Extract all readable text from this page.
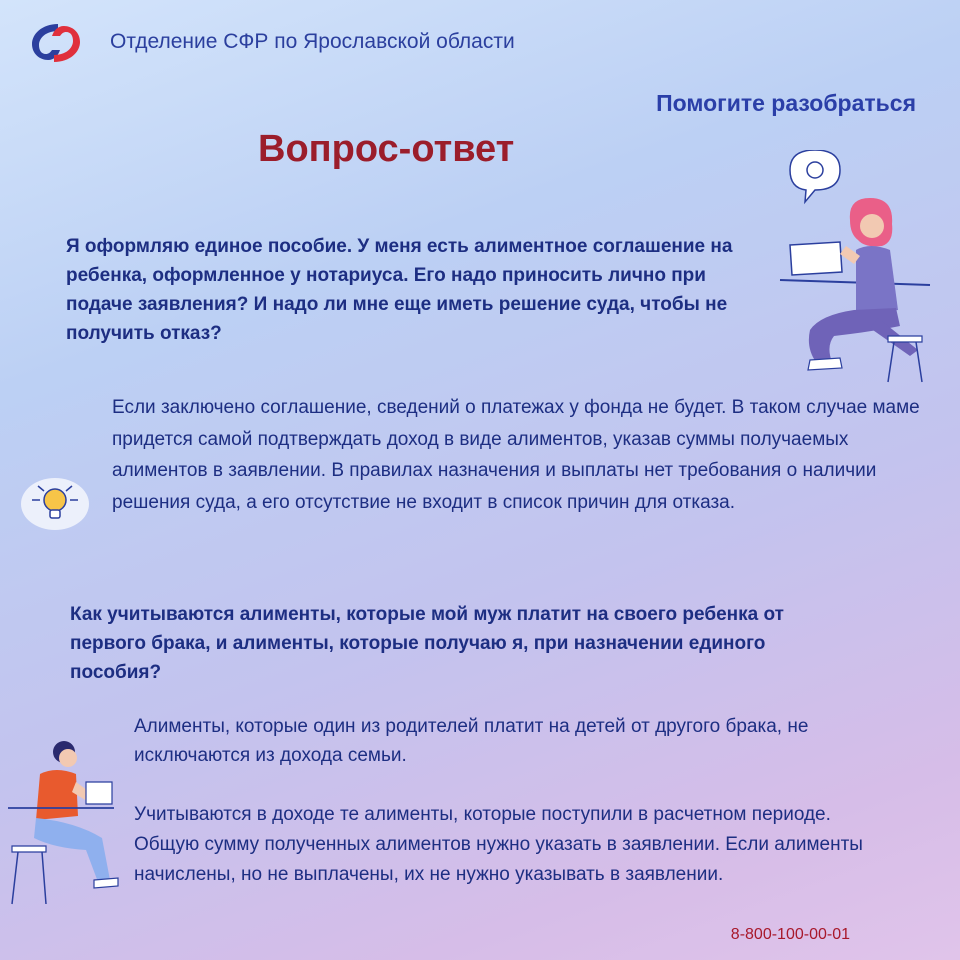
Отделение СФР по Ярославской области
Помогите разобраться
Вопрос-ответ
Я оформляю единое пособие. У меня есть алиментное соглашение на ребенка, оформленное у нотариуса. Его надо приносить лично при подаче заявления? И надо ли мне еще иметь решение суда, чтобы не получить отказ?
Если заключено соглашение, сведений о платежах у фонда не будет. В таком случае маме придется самой подтверждать доход в виде алиментов, указав суммы получаемых алиментов в заявлении. В правилах назначения и выплаты нет требования о наличии решения суда, а его отсутствие не входит в список причин для отказа.
Как учитываются алименты, которые мой муж платит на своего ребенка от первого брака, и алименты, которые получаю я, при назначении единого пособия?
Алименты, которые один из родителей платит на детей от другого брака, не исключаются из дохода семьи.
Учитываются в доходе те алименты, которые поступили в расчетном периоде. Общую сумму полученных алиментов нужно указать в заявлении. Если алименты начислены, но не выплачены, их не нужно указывать в заявлении.
8-800-100-00-01
